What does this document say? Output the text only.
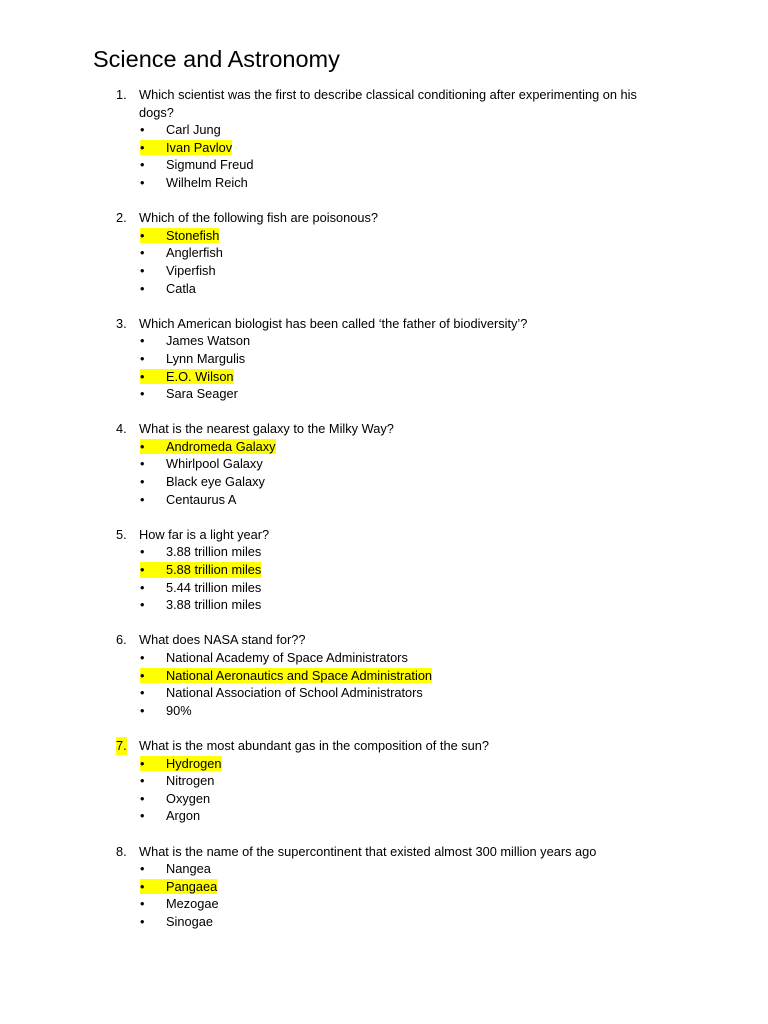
Science and Astronomy
1. Which scientist was the first to describe classical conditioning after experimenting on his dogs?
• Carl Jung
• Ivan Pavlov
• Sigmund Freud
• Wilhelm Reich
2. Which of the following fish are poisonous?
• Stonefish
• Anglerfish
• Viperfish
• Catla
3. Which American biologist has been called ‘the father of biodiversity’?
• James Watson
• Lynn Margulis
• E.O. Wilson
• Sara Seager
4. What is the nearest galaxy to the Milky Way?
• Andromeda Galaxy
• Whirlpool Galaxy
• Black eye Galaxy
• Centaurus A
5. How far is a light year?
• 3.88 trillion miles
• 5.88 trillion miles
• 5.44 trillion miles
• 3.88 trillion miles
6. What does NASA stand for??
• National Academy of Space Administrators
• National Aeronautics and Space Administration
• National Association of School Administrators
• 90%
7. What is the most abundant gas in the composition of the sun?
• Hydrogen
• Nitrogen
• Oxygen
• Argon
8. What is the name of the supercontinent that existed almost 300 million years ago
• Nangea
• Pangaea
• Mezogae
• Sinogae
